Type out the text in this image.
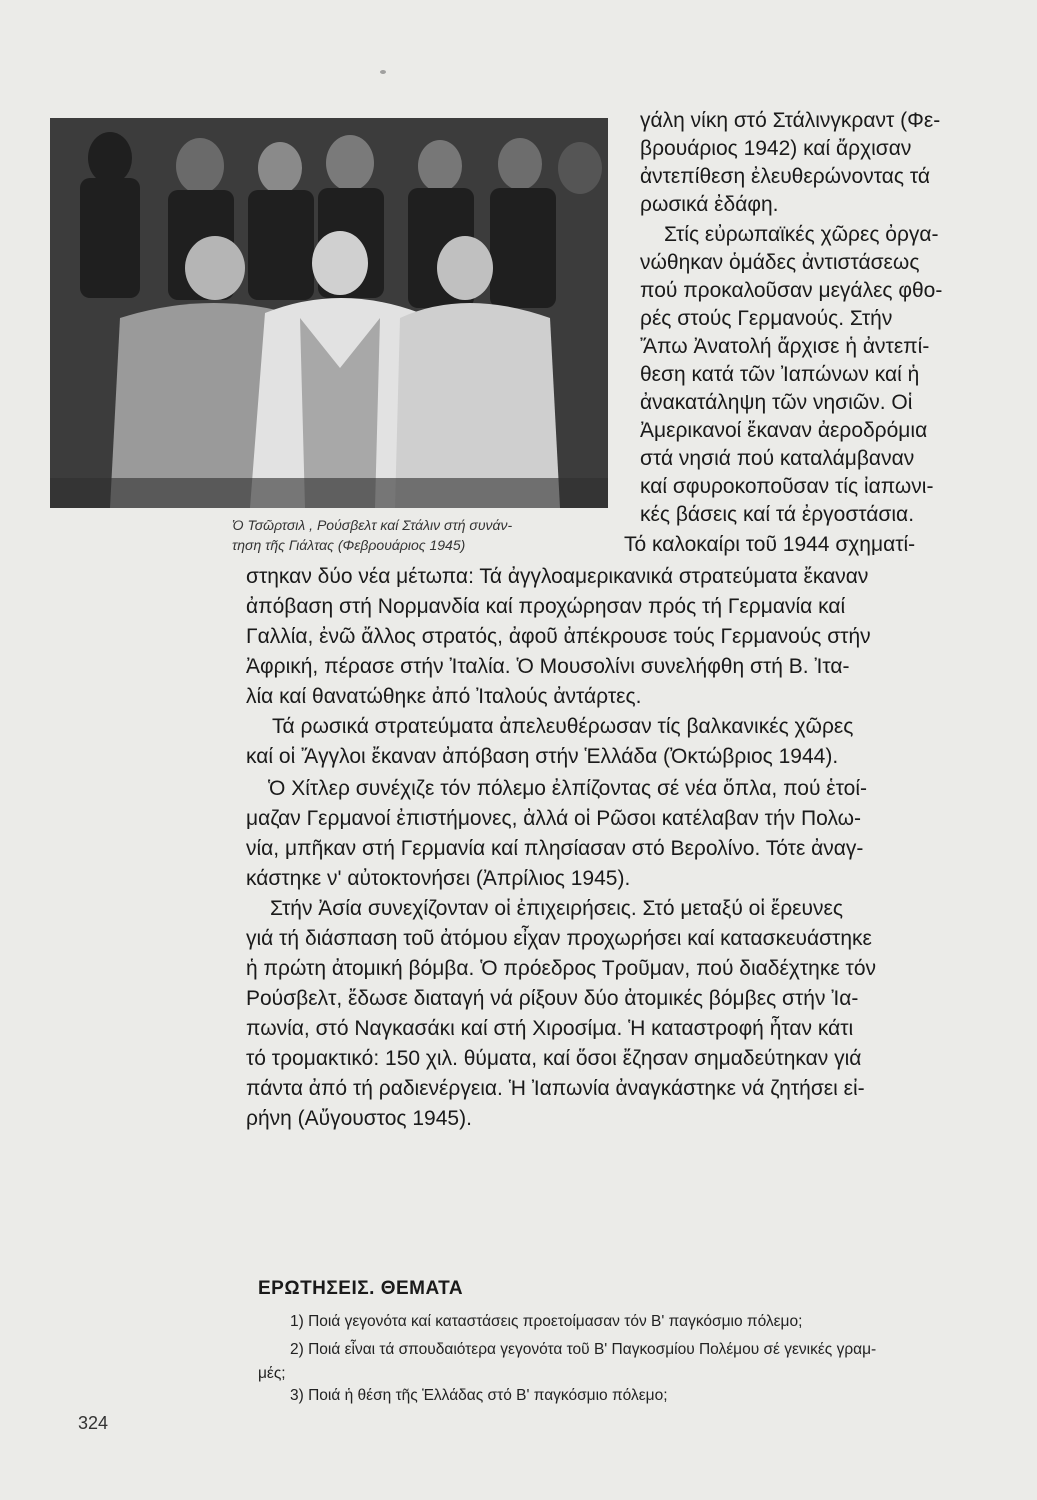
Ὁ Τσῶρτσιλ , Ρούσβελτ καί Στάλιν στή συνάν-
τηση τῆς Γιάλτας (Φεβρουάριος 1945)
γάλη νίκη στό Στάλινγκραντ (Φε-
βρουάριος 1942) καί ἄρχισαν
ἀντεπίθεση ἐλευθερώνοντας τά
ρωσικά ἐδάφη.
Στίς εὐρωπαϊκές χῶρες ὀργα-
νώθηκαν ὁμάδες ἀντιστάσεως
πού προκαλοῦσαν μεγάλες φθο-
ρές στούς Γερμανούς. Στήν
Ἄπω Ἀνατολή ἄρχισε ἡ ἀντεπί-
θεση κατά τῶν Ἰαπώνων καί ἡ
ἀνακατάληψη τῶν νησιῶν. Οἱ
Ἀμερικανοί ἔκαναν ἀεροδρόμια
στά νησιά πού καταλάμβαναν
καί σφυροκοποῦσαν τίς ἰαπωνι-
κές βάσεις καί τά ἐργοστάσια.
Τό καλοκαίρι τοῦ 1944 σχηματί-
στηκαν δύο νέα μέτωπα: Τά ἀγγλοαμερικανικά στρατεύματα ἔκαναν
ἀπόβαση στή Νορμανδία καί προχώρησαν πρός τή Γερμανία καί
Γαλλία, ἐνῶ ἄλλος στρατός, ἀφοῦ ἀπέκρουσε τούς Γερμανούς στήν
Ἀφρική, πέρασε στήν Ἰταλία. Ὁ Μουσολίνι συνελήφθη στή Β. Ἰτα-
λία καί θανατώθηκε ἀπό Ἰταλούς ἀντάρτες.
Τά ρωσικά στρατεύματα ἀπελευθέρωσαν τίς βαλκανικές χῶρες
καί οἱ Ἄγγλοι ἔκαναν ἀπόβαση στήν Ἑλλάδα (Ὀκτώβριος 1944).
Ὁ Χίτλερ συνέχιζε τόν πόλεμο ἐλπίζοντας σέ νέα ὅπλα, πού ἑτοί-
μαζαν Γερμανοί ἐπιστήμονες, ἀλλά οἱ Ρῶσοι κατέλαβαν τήν Πολω-
νία, μπῆκαν στή Γερμανία καί πλησίασαν στό Βερολίνο. Τότε ἀναγ-
κάστηκε ν' αὐτοκτονήσει (Ἀπρίλιος 1945).
Στήν Ἀσία συνεχίζονταν οἱ ἐπιχειρήσεις. Στό μεταξύ οἱ ἔρευνες
γιά τή διάσπαση τοῦ ἀτόμου εἶχαν προχωρήσει καί κατασκευάστηκε
ἡ πρώτη ἀτομική βόμβα. Ὁ πρόεδρος Τροῦμαν, πού διαδέχτηκε τόν
Ρούσβελτ, ἔδωσε διαταγή νά ρίξουν δύο ἀτομικές βόμβες στήν Ἰα-
πωνία, στό Ναγκασάκι καί στή Χιροσίμα. Ἡ καταστροφή ἦταν κάτι
τό τρομακτικό: 150 χιλ. θύματα, καί ὅσοι ἔζησαν σημαδεύτηκαν γιά
πάντα ἀπό τή ραδιενέργεια. Ἡ Ἰαπωνία ἀναγκάστηκε νά ζητήσει εἰ-
ρήνη (Αὔγουστος 1945).
ΕΡΩΤΗΣΕΙΣ. ΘΕΜΑΤΑ
1) Ποιά γεγονότα καί καταστάσεις προετοίμασαν τόν Β' παγκόσμιο πόλεμο;
2) Ποιά εἶναι τά σπουδαιότερα γεγονότα τοῦ Β' Παγκοσμίου Πολέμου σέ γενικές γραμ-
μές;
3) Ποιά ἡ θέση τῆς Ἑλλάδας στό Β' παγκόσμιο πόλεμο;
324
